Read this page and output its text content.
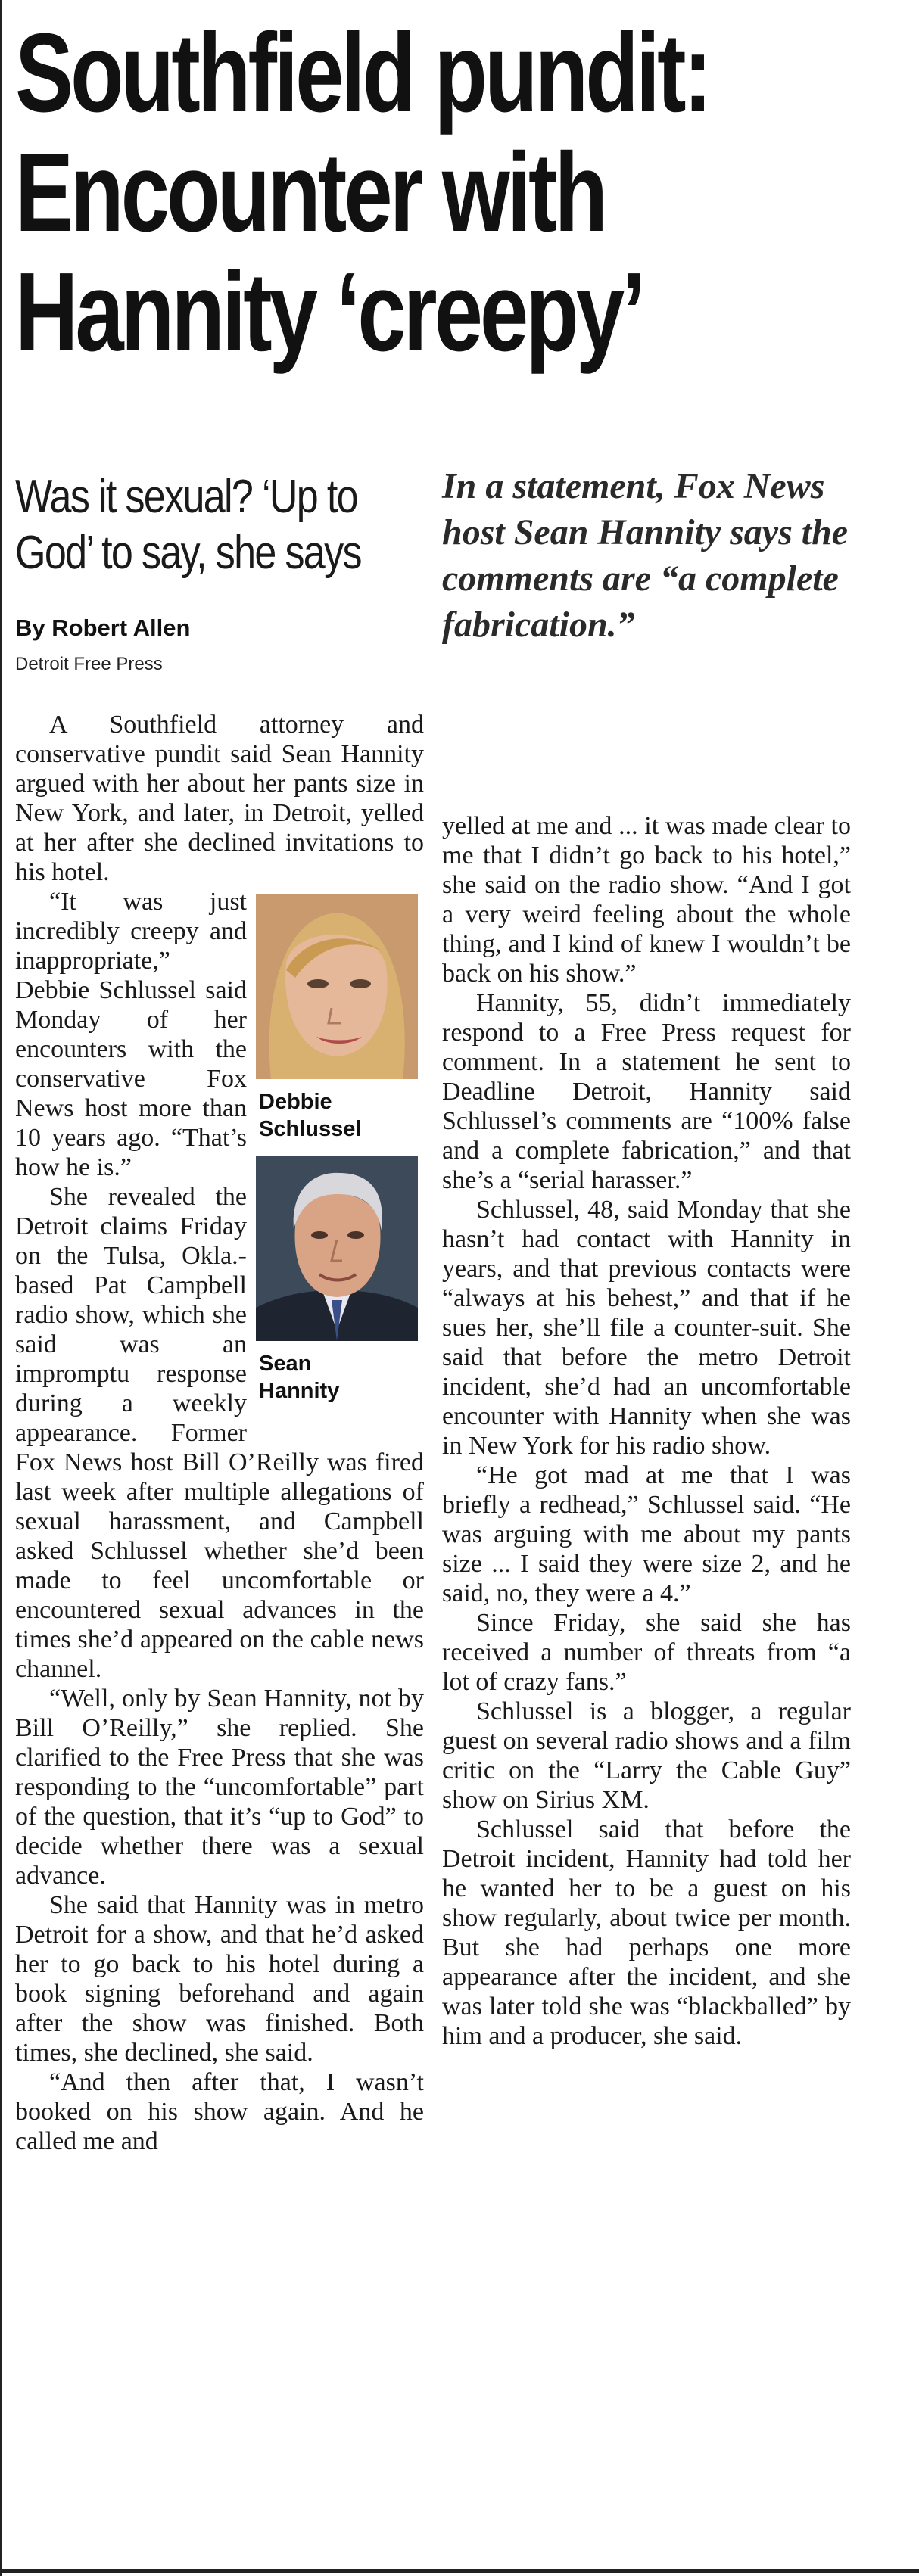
Southfield pundit:
Encounter with
Hannity ‘creepy’
Was it sexual? ‘Up to God’ to say, she says
By Robert Allen
Detroit Free Press
In a statement, Fox News host Sean Hannity says the comments are “a complete fabrication.”

A Southfield attorney and conservative pundit said Sean Hannity argued with her about her pants size in New York, and later, in Detroit, yelled at her after she declined invitations to his hotel.

Debbie
Schlussel
Sean
Hannity

“It was just incredibly creepy and inappropriate,” Debbie Schlussel said Monday of her encounters with the conservative Fox News host more than 10 years ago. “That’s how he is.”

She revealed the Detroit claims Friday on the Tulsa, Okla.-based Pat Campbell radio show, which she said was an impromptu response during a weekly appearance. Former Fox News host Bill O’Reilly was fired last week after multiple allegations of sexual harassment, and Campbell asked Schlussel whether she’d been made to feel uncomfortable or encountered sexual advances in the times she’d appeared on the cable news channel.

“Well, only by Sean Hannity, not by Bill O’Reilly,” she replied. She clarified to the Free Press that she was responding to the “uncomfortable” part of the question, that it’s “up to God” to decide whether there was a sexual advance.

She said that Hannity was in metro Detroit for a show, and that he’d asked her to go back to his hotel during a book signing beforehand and again after the show was finished. Both times, she declined, she said.

“And then after that, I wasn’t booked on his show again. And he called me and

yelled at me and ... it was made clear to me that I didn’t go back to his hotel,” she said on the radio show. “And I got a very weird feeling about the whole thing, and I kind of knew I wouldn’t be back on his show.”

Hannity, 55, didn’t immediately respond to a Free Press request for comment. In a statement he sent to Deadline Detroit, Hannity said Schlussel’s comments are “100% false and a complete fabrication,” and that she’s a “serial harasser.”

Schlussel, 48, said Monday that she hasn’t had contact with Hannity in years, and that previous contacts were “always at his behest,” and that if he sues her, she’ll file a counter-suit. She said that before the metro Detroit incident, she’d had an uncomfortable encounter with Hannity when she was in New York for his radio show.

“He got mad at me that I was briefly a redhead,” Schlussel said. “He was arguing with me about my pants size ... I said they were size 2, and he said, no, they were a 4.”

Since Friday, she said she has received a number of threats from “a lot of crazy fans.”

Schlussel is a blogger, a regular guest on several radio shows and a film critic on the “Larry the Cable Guy” show on Sirius XM.

Schlussel said that before the Detroit incident, Hannity had told her he wanted her to be a guest on his show regularly, about twice per month. But she had perhaps one more appearance after the incident, and she was later told she was “blackballed” by him and a producer, she said.
